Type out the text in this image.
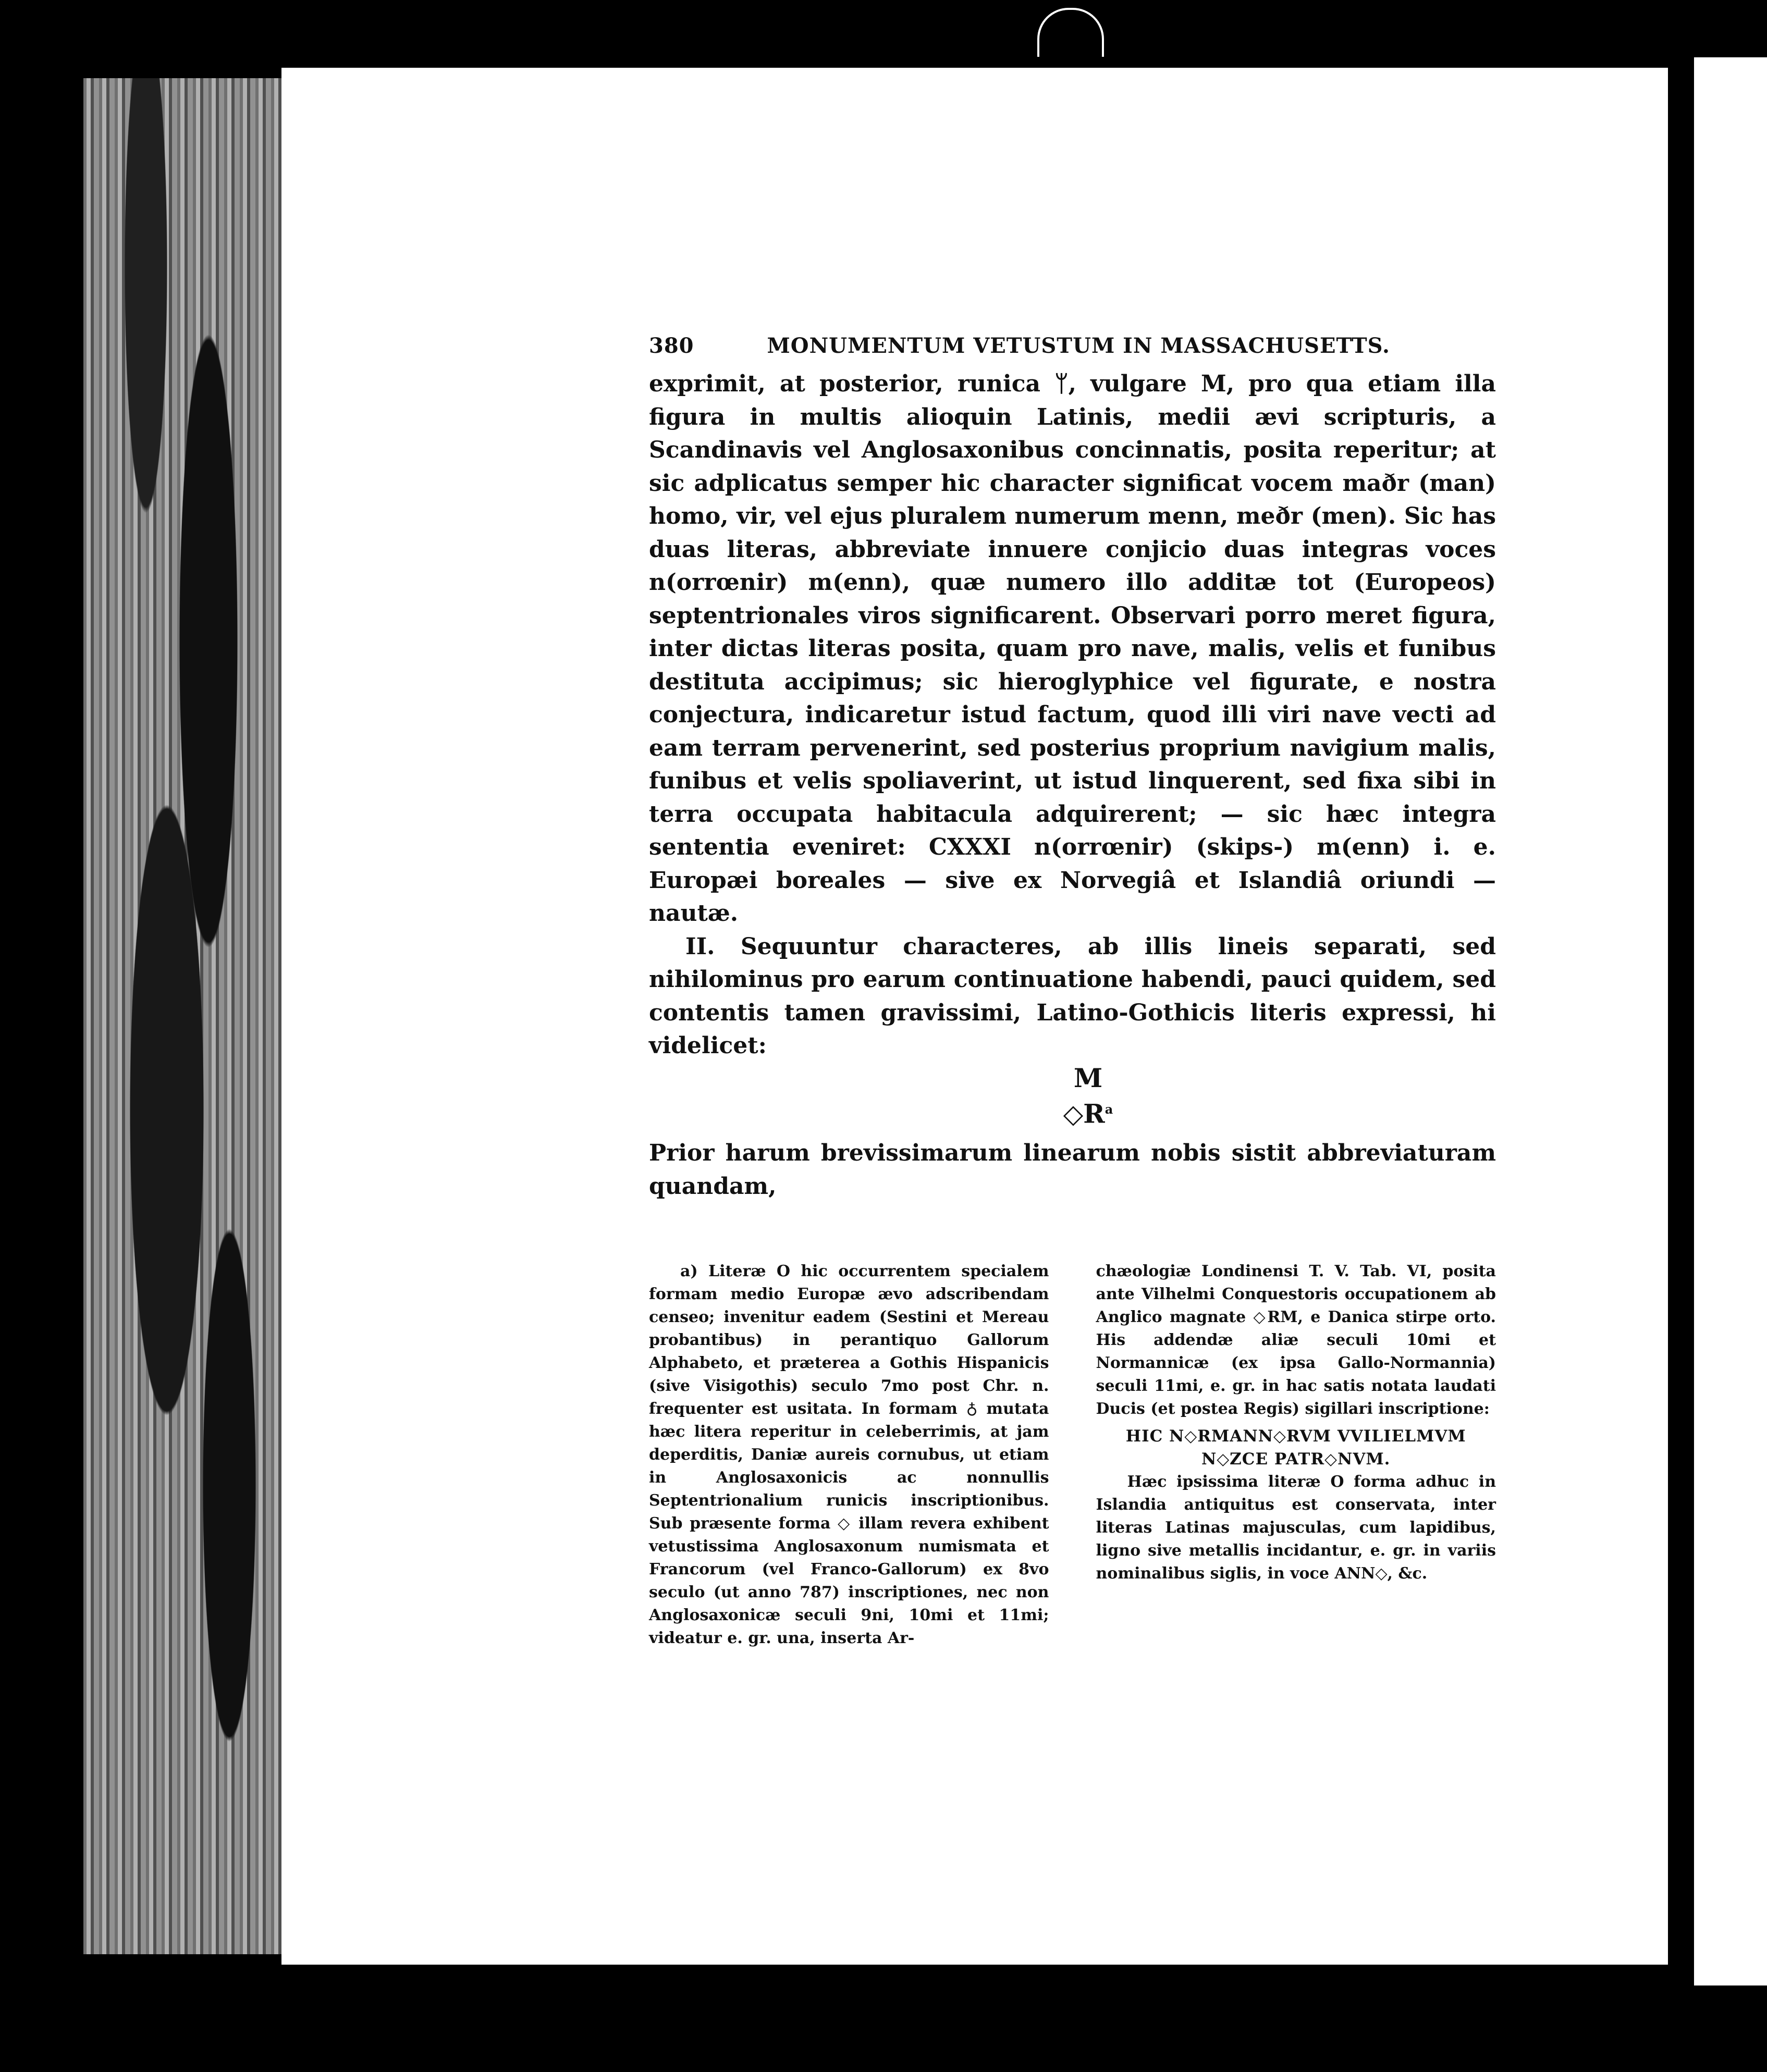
380	MONUMENTUM VETUSTUM IN MASSACHUSETTS.

exprimit, at posterior, runica ᛘ, vulgare M, pro qua etiam illa figura in multis alioquin Latinis, medii ævi scripturis, a Scandinavis vel Anglosaxonibus concinnatis, posita reperitur; at sic adplicatus semper hic character significat vocem maðr (man) homo, vir, vel ejus pluralem numerum menn, meðr (men). Sic has duas literas, abbreviate innuere conjicio duas integras voces n(orrœnir) m(enn), quæ numero illo additæ tot (Europeos) septentrionales viros significarent. Observari porro meret figura, inter dictas literas posita, quam pro nave, malis, velis et funibus destituta accipimus; sic hieroglyphice vel figurate, e nostra conjectura, indicaretur istud factum, quod illi viri nave vecti ad eam terram pervenerint, sed posterius proprium navigium malis, funibus et velis spoliaverint, ut istud linquerent, sed fixa sibi in terra occupata habitacula adquirerent; — sic hæc integra sententia eveniret: CXXXI n(orrœnir) (skips-) m(enn) i. e. Europæi boreales — sive ex Norvegiâ et Islandiâ oriundi — nautæ.

II. Sequuntur characteres, ab illis lineis separati, sed nihilominus pro earum continuatione habendi, pauci quidem, sed contentis tamen gravissimi, Latino-Gothicis literis expressi, hi videlicet:

M
$◇R^a$
Prior harum brevissimarum linearum nobis sistit abbreviaturam quandam,

a) Literæ O hic occurrentem specialem formam medio Europæ ævo adscribendam censeo; invenitur eadem (Sestini et Mereau probantibus) in perantiquo Gallorum Alphabeto, et præterea a Gothis Hispanicis (sive Visigothis) seculo 7mo post Chr. n. frequenter est usitata. In formam ♁ mutata hæc litera reperitur in celeberrimis, at jam deperditis, Daniæ aureis cornubus, ut etiam in Anglosaxonicis ac nonnullis Septentrionalium runicis inscriptionibus. Sub præsente forma ◇ illam revera exhibent vetustissima Anglosaxonum numismata et Francorum (vel Franco-Gallorum) ex 8vo seculo (ut anno 787) inscriptiones, nec non Anglosaxonicæ seculi 9ni, 10mi et 11mi; videatur e. gr. una, inserta Ar-

chæologiæ Londinensi T. V. Tab. VI, posita ante Vilhelmi Conquestoris occupationem ab Anglico magnate ◇RM, e Danica stirpe orto. His addendæ aliæ seculi 10mi et Normannicæ (ex ipsa Gallo-Normannia) seculi 11mi, e. gr. in hac satis notata laudati Ducis (et postea Regis) sigillari inscriptione:

HIC N◇RMANN◇RVM VVILIELMVM

N◇ZCE PATR◇NVM.

Hæc ipsissima literæ O forma adhuc in Islandia antiquitus est conservata, inter literas Latinas majusculas, cum lapidibus, ligno sive metallis incidantur, e. gr. in variis nominalibus siglis, in voce ANN◇, &c.
